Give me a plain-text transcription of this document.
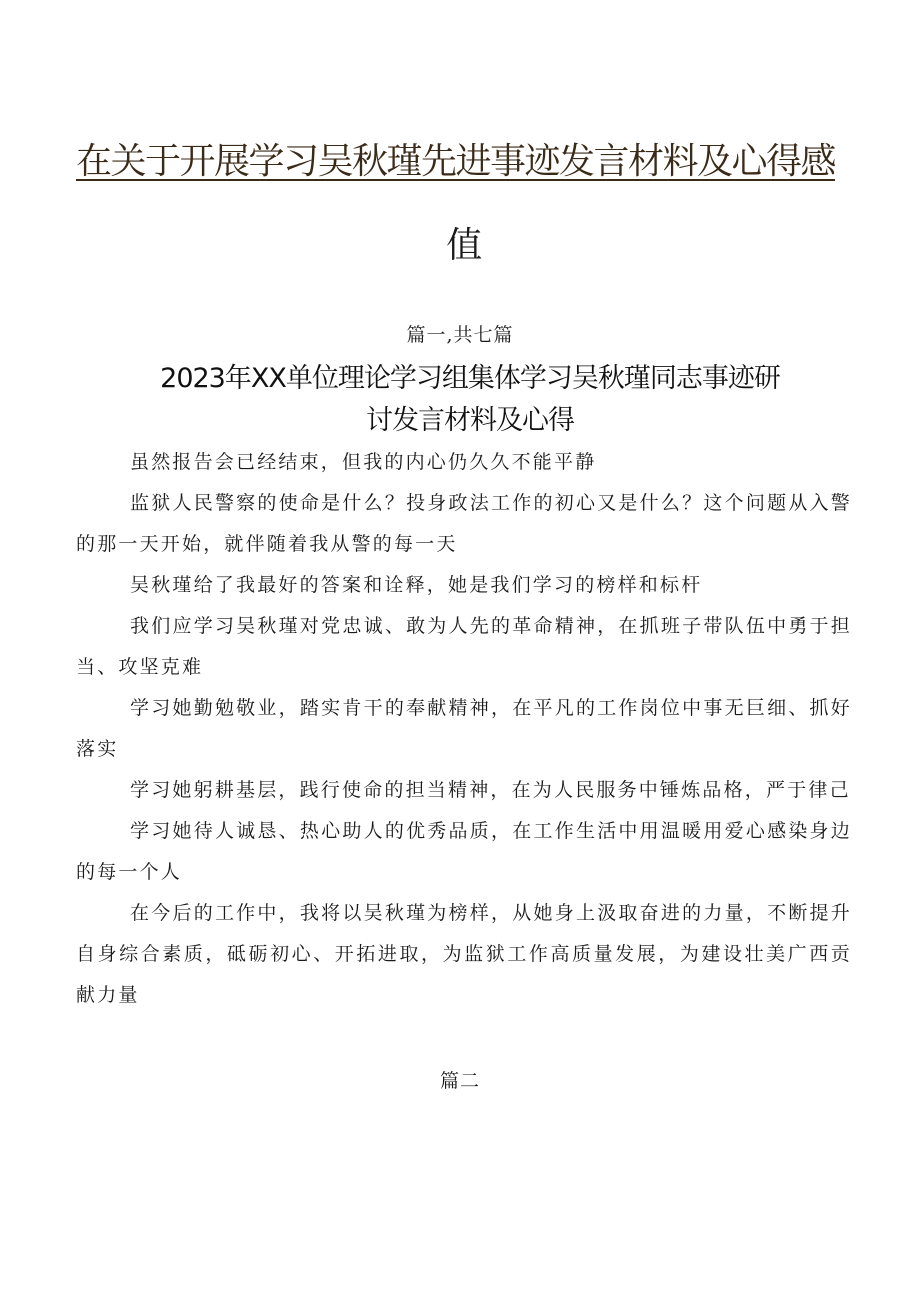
在关于开展学习吴秋瑾先进事迹发言材料及心得感
值
篇一,共七篇
2023年XX单位理论学习组集体学习吴秋瑾同志事迹研
讨发言材料及心得

虽然报告会已经结束，但我的内心仍久久不能平静

监狱人民警察的使命是什么？投身政法工作的初心又是什么？这个问题从入警的那一天开始，就伴随着我从警的每一天

吴秋瑾给了我最好的答案和诠释，她是我们学习的榜样和标杆

我们应学习吴秋瑾对党忠诚、敢为人先的革命精神，在抓班子带队伍中勇于担当、攻坚克难

学习她勤勉敬业，踏实肯干的奉献精神，在平凡的工作岗位中事无巨细、抓好落实

学习她躬耕基层，践行使命的担当精神，在为人民服务中锤炼品格，严于律己

学习她待人诚恳、热心助人的优秀品质，在工作生活中用温暖用爱心感染身边的每一个人

在今后的工作中，我将以吴秋瑾为榜样，从她身上汲取奋进的力量，不断提升自身综合素质，砥砺初心、开拓进取，为监狱工作高质量发展，为建设壮美广西贡献力量

篇二
